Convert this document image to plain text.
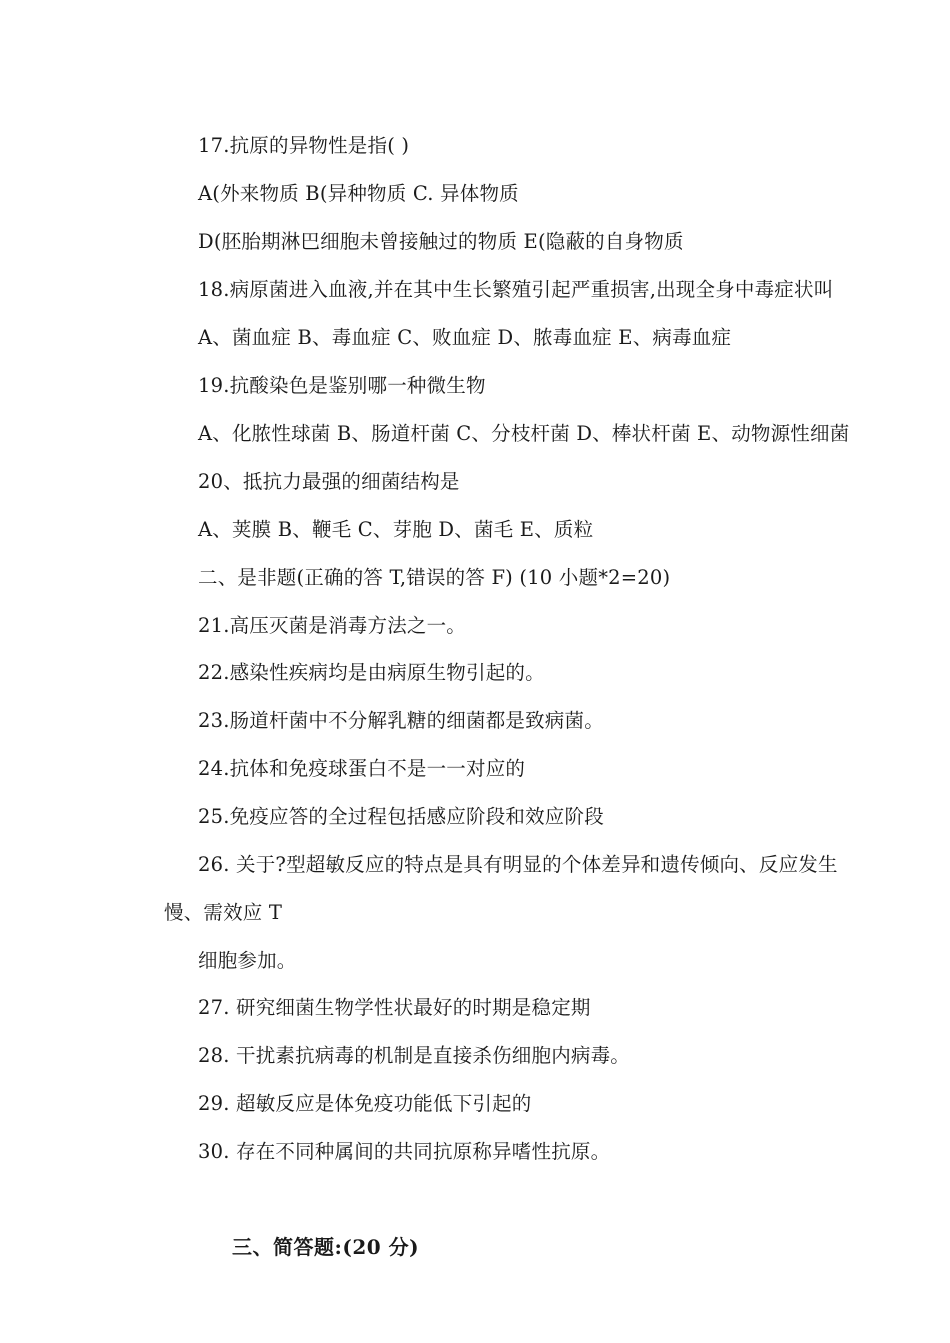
17.抗原的异物性是指( )
A(外来物质 B(异种物质 C. 异体物质
D(胚胎期淋巴细胞未曾接触过的物质 E(隐蔽的自身物质
18.病原菌进入血液,并在其中生长繁殖引起严重损害,出现全身中毒症状叫
A、菌血症 B、毒血症 C、败血症 D、脓毒血症 E、病毒血症
19.抗酸染色是鉴别哪一种微生物
A、化脓性球菌 B、肠道杆菌 C、分枝杆菌 D、棒状杆菌 E、动物源性细菌
20、抵抗力最强的细菌结构是
A、荚膜 B、鞭毛 C、芽胞 D、菌毛 E、质粒
二、是非题(正确的答 T,错误的答 F) (10 小题*2=20)
21.高压灭菌是消毒方法之一。
22.感染性疾病均是由病原生物引起的。
23.肠道杆菌中不分解乳糖的细菌都是致病菌。
24.抗体和免疫球蛋白不是一一对应的
25.免疫应答的全过程包括感应阶段和效应阶段
26. 关于?型超敏反应的特点是具有明显的个体差异和遗传倾向、反应发生
慢、需效应 T
细胞参加。
27. 研究细菌生物学性状最好的时期是稳定期
28. 干扰素抗病毒的机制是直接杀伤细胞内病毒。
29. 超敏反应是体免疫功能低下引起的
30. 存在不同种属间的共同抗原称异嗜性抗原。
三、简答题:(20 分)
